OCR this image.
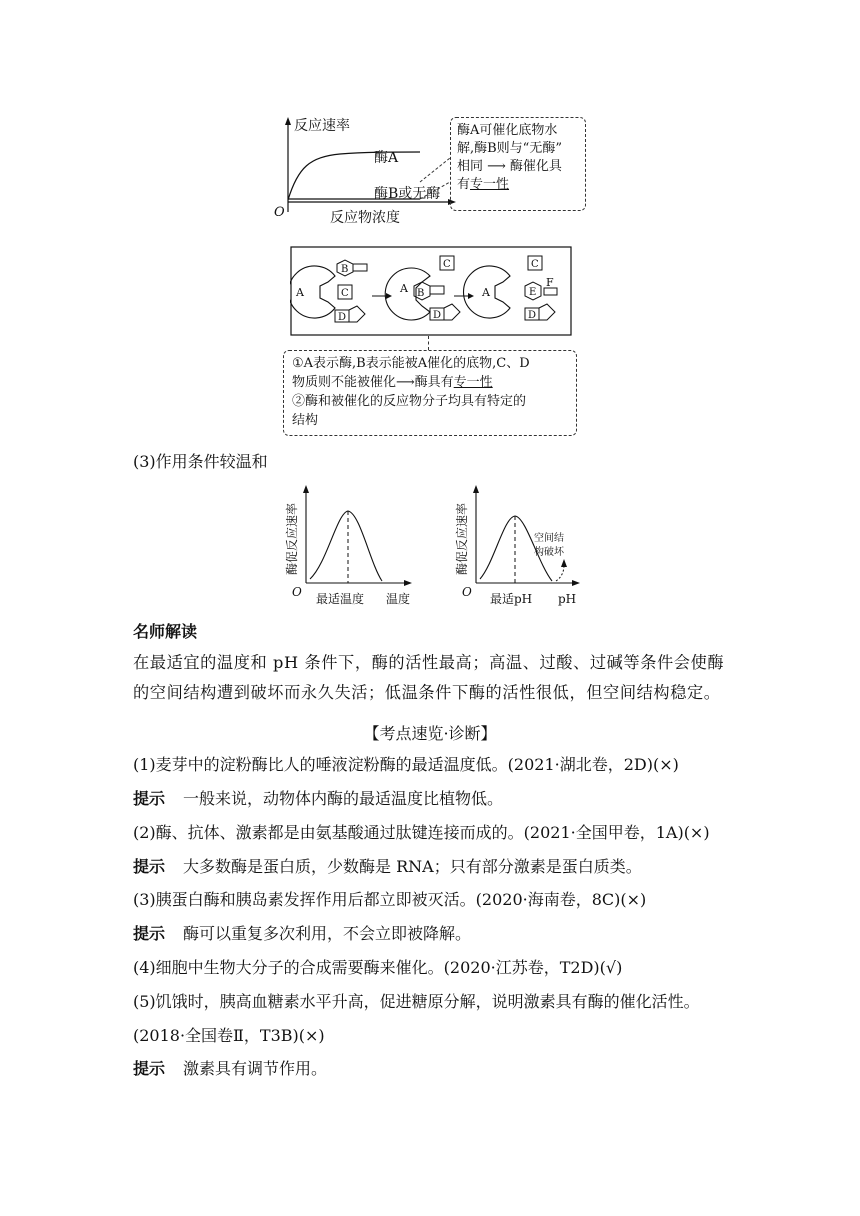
反应速率
O	反应物浓度
酶A
酶B或无酶
酶A可催化底物水
解,酶B则与“无酶”
相同 ⟶ 酶催化具
有专一性
A
B
C
D
A B
C
D
A
C
E
F
D
①A表示酶,B表示能被A催化的底物,C、D
物质则不能被催化⟶酶具有专一性
②酶和被催化的反应物分子均具有特定的
结构
(3)作用条件较温和
酶促反应速率
O 最适温度 温度
酶促反应速率
O 最适pH pH
空间结
构破坏
名师解读
在最适宜的温度和 pH 条件下，酶的活性最高；高温、过酸、过碱等条件会使酶的空间结构遭到破坏而永久失活；低温条件下酶的活性很低，但空间结构稳定。
【考点速览·诊断】
(1)麦芽中的淀粉酶比人的唾液淀粉酶的最适温度低。(2021·湖北卷，2D)(×)
提示 一般来说，动物体内酶的最适温度比植物低。
(2)酶、抗体、激素都是由氨基酸通过肽键连接而成的。(2021·全国甲卷，1A)(×)
提示 大多数酶是蛋白质，少数酶是 RNA；只有部分激素是蛋白质类。
(3)胰蛋白酶和胰岛素发挥作用后都立即被灭活。(2020·海南卷，8C)(×)
提示 酶可以重复多次利用，不会立即被降解。
(4)细胞中生物大分子的合成需要酶来催化。(2020·江苏卷，T2D)(√)
(5)饥饿时，胰高血糖素水平升高，促进糖原分解，说明激素具有酶的催化活性。
(2018·全国卷Ⅱ，T3B)(×)
提示 激素具有调节作用。
